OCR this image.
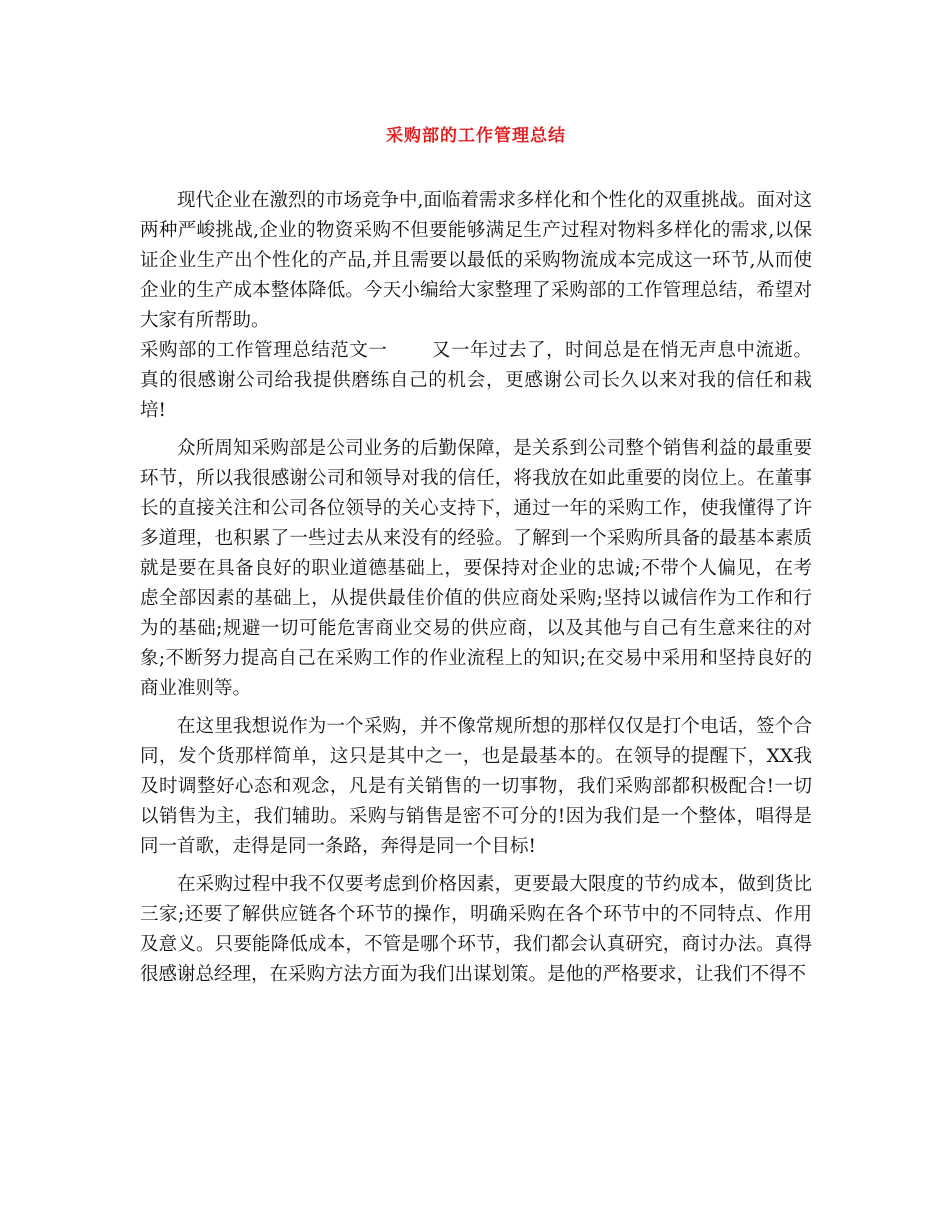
采购部的工作管理总结

现代企业在激烈的市场竞争中,面临着需求多样化和个性化的双重挑战。面对这两种严峻挑战,企业的物资采购不但要能够满足生产过程对物料多样化的需求,以保证企业生产出个性化的产品,并且需要以最低的采购物流成本完成这一环节,从而使企业的生产成本整体降低。今天小编给大家整理了采购部的工作管理总结，希望对大家有所帮助。

采购部的工作管理总结范文一 又一年过去了，时间总是在悄无声息中流逝。真的很感谢公司给我提供磨练自己的机会，更感谢公司长久以来对我的信任和栽培!

众所周知采购部是公司业务的后勤保障，是关系到公司整个销售利益的最重要环节，所以我很感谢公司和领导对我的信任，将我放在如此重要的岗位上。在董事长的直接关注和公司各位领导的关心支持下，通过一年的采购工作，使我懂得了许多道理，也积累了一些过去从来没有的经验。了解到一个采购所具备的最基本素质就是要在具备良好的职业道德基础上，要保持对企业的忠诚;不带个人偏见，在考虑全部因素的基础上，从提供最佳价值的供应商处采购;坚持以诚信作为工作和行为的基础;规避一切可能危害商业交易的供应商，以及其他与自己有生意来往的对象;不断努力提高自己在采购工作的作业流程上的知识;在交易中采用和坚持良好的商业准则等。

在这里我想说作为一个采购，并不像常规所想的那样仅仅是打个电话，签个合同，发个货那样简单，这只是其中之一，也是最基本的。在领导的提醒下，XX我及时调整好心态和观念，凡是有关销售的一切事物，我们采购部都积极配合!一切以销售为主，我们辅助。采购与销售是密不可分的!因为我们是一个整体，唱得是同一首歌，走得是同一条路，奔得是同一个目标!

在采购过程中我不仅要考虑到价格因素，更要最大限度的节约成本，做到货比三家;还要了解供应链各个环节的操作，明确采购在各个环节中的不同特点、作用及意义。只要能降低成本，不管是哪个环节，我们都会认真研究，商讨办法。真得很感谢总经理，在采购方法方面为我们出谋划策。是他的严格要求，让我们不得不
